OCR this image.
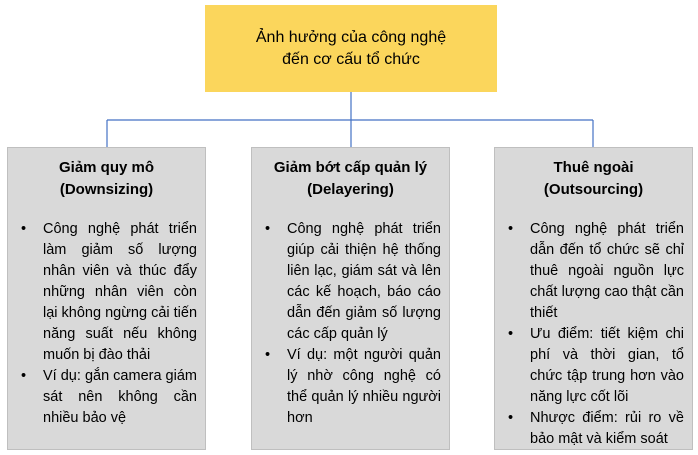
Ảnh hưởng của công nghệ
đến cơ cấu tổ chức
Giảm quy mô
(Downsizing)
• Công nghệ phát triển làm giảm số lượng nhân viên và thúc đẩy những nhân viên còn lại không ngừng cải tiến năng suất nếu không muốn bị đào thải
• Ví dụ: gắn camera giám sát nên không cần nhiều bảo vệ
Giảm bớt cấp quản lý
(Delayering)
• Công nghệ phát triển giúp cải thiện hệ thống liên lạc, giám sát và lên các kế hoạch, báo cáo dẫn đến giảm số lượng các cấp quản lý
• Ví dụ: một người quản lý nhờ công nghệ có thể quản lý nhiều người hơn
Thuê ngoài
(Outsourcing)
• Công nghệ phát triển dẫn đến tổ chức sẽ chỉ thuê ngoài nguồn lực chất lượng cao thật cần thiết
• Ưu điểm: tiết kiệm chi phí và thời gian, tổ chức tập trung hơn vào năng lực cốt lõi
• Nhược điểm: rủi ro về bảo mật và kiểm soát
